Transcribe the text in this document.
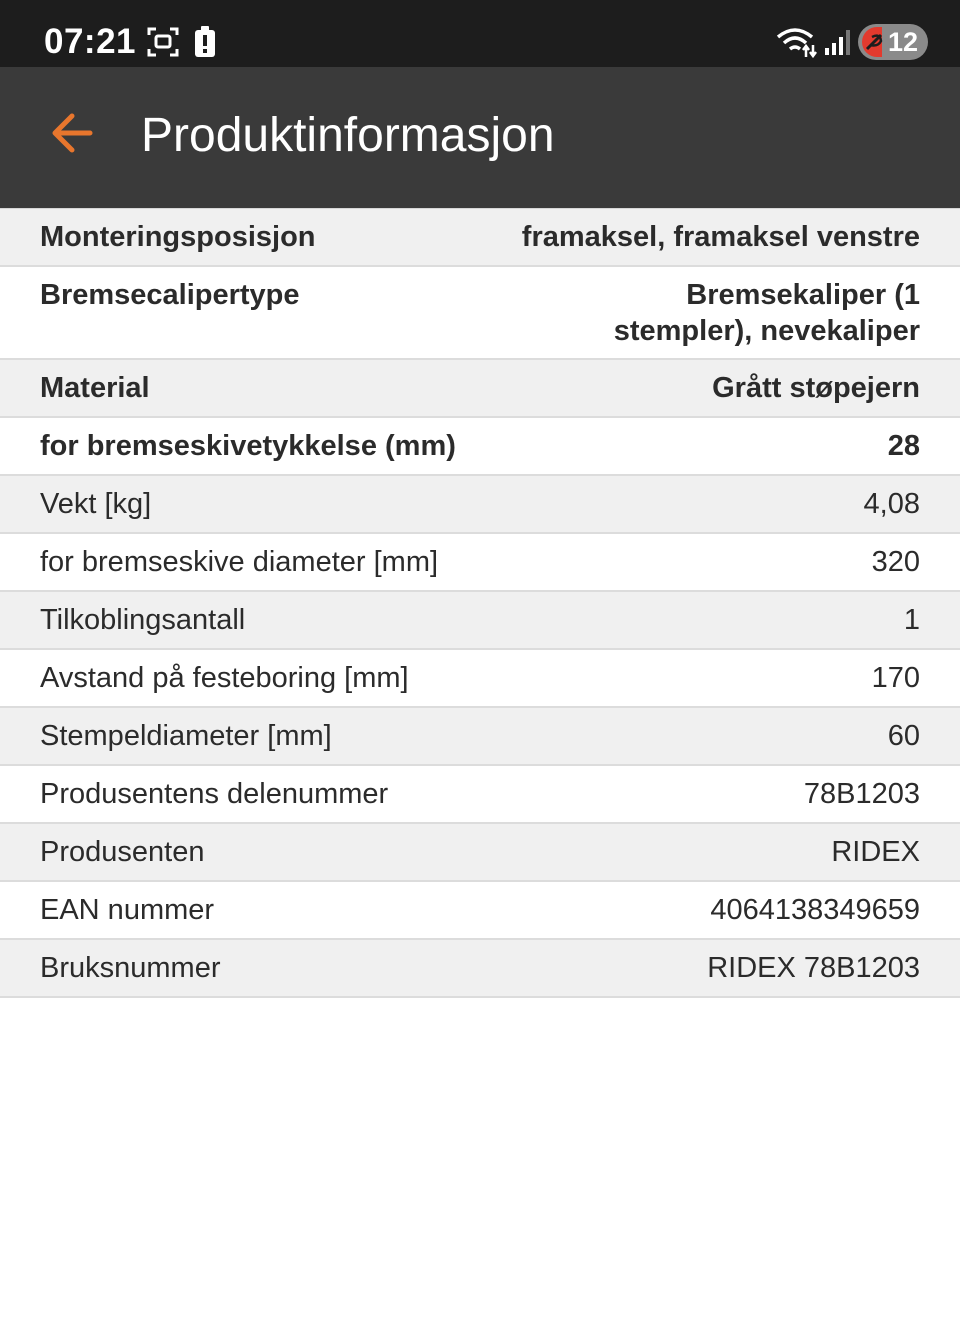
07:21	12
Produktinformasjon
Monteringsposisjon	framaksel, framaksel venstre
Bremsecalipertype	Bremsekaliper (1 stempler), nevekaliper
Material	Grått støpejern
for bremseskivetykkelse (mm)	28
Vekt [kg]	4,08
for bremseskive diameter [mm]	320
Tilkoblingsantall	1
Avstand på festeboring [mm]	170
Stempeldiameter [mm]	60
Produsentens delenummer	78B1203
Produsenten	RIDEX
EAN nummer	4064138349659
Bruksnummer	RIDEX 78B1203
